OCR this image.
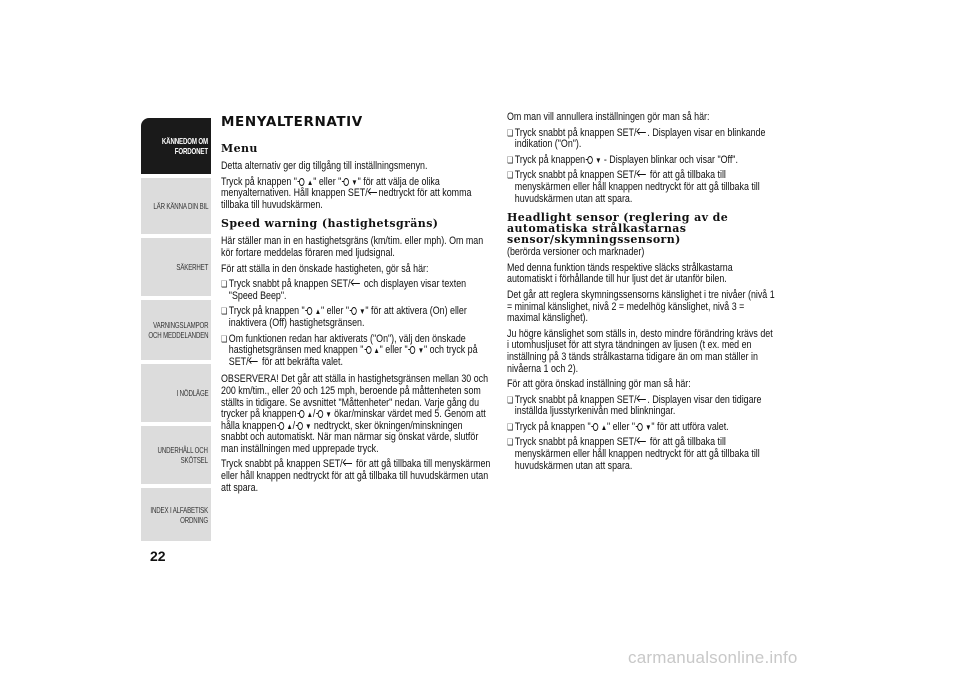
KÄNNEDOM OM
FORDONET
LÄR KÄNNA DIN BIL
SÄKERHET
VARNINGSLAMPOR
OCH MEDDELANDEN
I NÖDLÄGE
UNDERHÅLL OCH
SKÖTSEL
INDEX I ALFABETISK
ORDNING
22
MENYALTERNATIV
Menu

Detta alternativ ger dig tillgång till inställningsmenyn.

Tryck på knappen " ▲" eller " ▼" för att välja de olika menyalternativen. Håll knappen SET/ nedtryckt för att komma tillbaka till huvudskärmen.

Speed warning (hastighetsgräns)

Här ställer man in en hastighetsgräns (km/tim. eller mph). Om man kör fortare meddelas föraren med ljudsignal.

För att ställa in den önskade hastigheten, gör så här:

❏ Tryck snabbt på knappen SET/ och displayen visar texten "Speed Beep".
❏ Tryck på knappen " ▲" eller " ▼" för att aktivera (On) eller inaktivera (Off) hastighetsgränsen.
❏ Om funktionen redan har aktiverats ("On"), välj den önskade hastighetsgränsen med knappen " ▲" eller " ▼" och tryck på SET/ för att bekräfta valet.

OBSERVERA! Det går att ställa in hastighetsgränsen mellan 30 och 200 km/tim., eller 20 och 125 mph, beroende på måttenheten som ställts in tidigare. Se avsnittet "Måttenheter" nedan. Varje gång du trycker på knappen ▲/ ▼ ökar/minskar värdet med 5. Genom att hålla knappen ▲/ ▼ nedtryckt, sker ökningen/minskningen snabbt och automatiskt. När man närmar sig önskat värde, slutför man inställningen med upprepade tryck.

Tryck snabbt på knappen SET/ för att gå tillbaka till menyskärmen eller håll knappen nedtryckt för att gå tillbaka till huvudskärmen utan att spara.

Om man vill annullera inställningen gör man så här:

❏ Tryck snabbt på knappen SET/ . Displayen visar en blinkande indikation ("On").
❏ Tryck på knappen ▼ - Displayen blinkar och visar "Off".
❏ Tryck snabbt på knappen SET/ för att gå tillbaka till menyskärmen eller håll knappen nedtryckt för att gå tillbaka till huvudskärmen utan att spara.
Headlight sensor (reglering av de automatiska strålkastarnas sensor/skymningssensorn)

(berörda versioner och marknader)

Med denna funktion tänds respektive släcks strålkastarna automatiskt i förhållande till hur ljust det är utanför bilen.

Det går att reglera skymningssensorns känslighet i tre nivåer (nivå 1 = minimal känslighet, nivå 2 = medelhög känslighet, nivå 3 = maximal känslighet).

Ju högre känslighet som ställs in, desto mindre förändring krävs det i utomhusljuset för att styra tändningen av ljusen (t ex. med en inställning på 3 tänds strålkastarna tidigare än om man ställer in nivåerna 1 och 2).

För att göra önskad inställning gör man så här:

❏ Tryck snabbt på knappen SET/ . Displayen visar den tidigare inställda ljusstyrkenivån med blinkningar.
❏ Tryck på knappen " ▲" eller " ▼" för att utföra valet.
❏ Tryck snabbt på knappen SET/ för att gå tillbaka till menyskärmen eller håll knappen nedtryckt för att gå tillbaka till huvudskärmen utan att spara.
carmanualsonline.info
